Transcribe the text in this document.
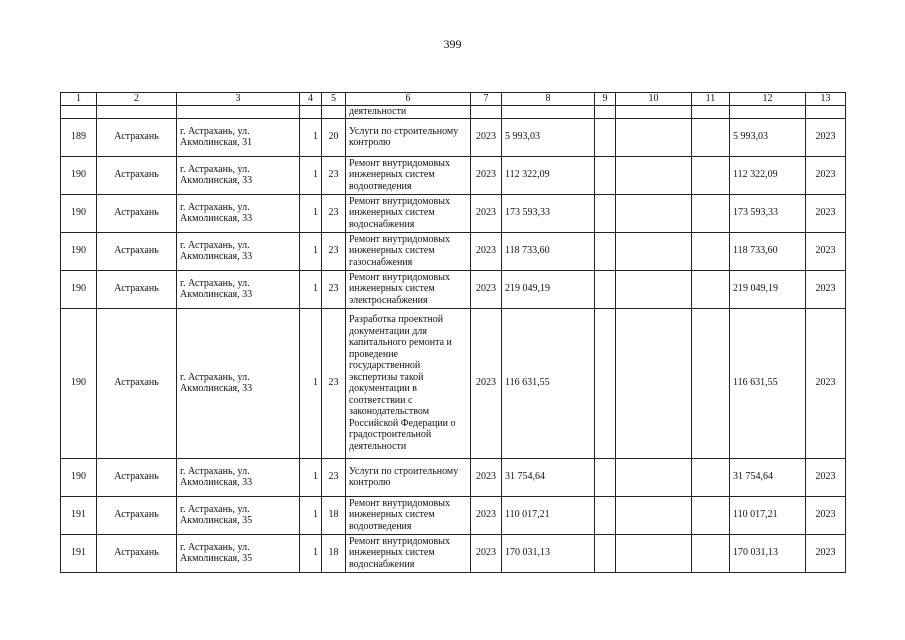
399
1	2	3	4	5	6	7	8	9	10	11	12	13
					деятельности							
189	Астрахань	г. Астрахань, ул. Акмолинская, 31	1	20	Услуги по строительному контролю	2023	5 993,03				5 993,03	2023
190	Астрахань	г. Астрахань, ул. Акмолинская, 33	1	23	Ремонт внутридомовых инженерных систем водоотведения	2023	112 322,09				112 322,09	2023
190	Астрахань	г. Астрахань, ул. Акмолинская, 33	1	23	Ремонт внутридомовых инженерных систем водоснабжения	2023	173 593,33				173 593,33	2023
190	Астрахань	г. Астрахань, ул. Акмолинская, 33	1	23	Ремонт внутридомовых инженерных систем газоснабжения	2023	118 733,60				118 733,60	2023
190	Астрахань	г. Астрахань, ул. Акмолинская, 33	1	23	Ремонт внутридомовых инженерных систем электроснабжения	2023	219 049,19				219 049,19	2023
190	Астрахань	г. Астрахань, ул. Акмолинская, 33	1	23	Разработка проектной документации для капитального ремонта и проведение государственной экспертизы такой документации в соответствии с законодательством Российской Федерации о градостроительной деятельности	2023	116 631,55				116 631,55	2023
190	Астрахань	г. Астрахань, ул. Акмолинская, 33	1	23	Услуги по строительному контролю	2023	31 754,64				31 754,64	2023
191	Астрахань	г. Астрахань, ул. Акмолинская, 35	1	18	Ремонт внутридомовых инженерных систем водоотведения	2023	110 017,21				110 017,21	2023
191	Астрахань	г. Астрахань, ул. Акмолинская, 35	1	18	Ремонт внутридомовых инженерных систем водоснабжения	2023	170 031,13				170 031,13	2023
